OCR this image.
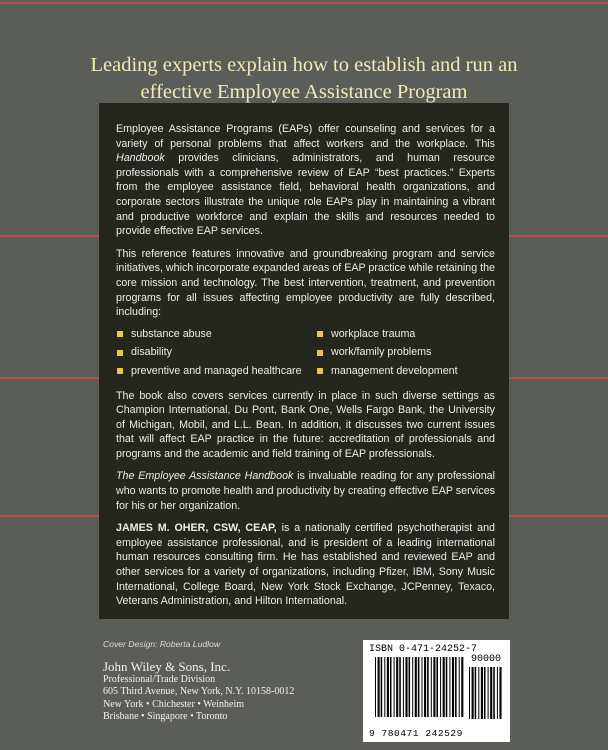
Leading experts explain how to establish and run an
effective Employee Assistance Program

Employee Assistance Programs (EAPs) offer counseling and services for a variety of personal problems that affect workers and the workplace. This Handbook provides clinicians, administrators, and human resource professionals with a comprehensive review of EAP “best practices.” Experts from the employee assistance field, behavioral health organizations, and corporate sectors illustrate the unique role EAPs play in maintaining a vibrant and productive workforce and explain the skills and resources needed to provide effective EAP services.

This reference features innovative and groundbreaking program and service initiatives, which incorporate expanded areas of EAP practice while retaining the core mission and technology. The best intervention, treatment, and prevention programs for all issues affecting employee productivity are fully described, including:

substance abuse	workplace trauma
disability	work/family problems
preventive and managed healthcare	management development

The book also covers services currently in place in such diverse settings as Champion International, Du Pont, Bank One, Wells Fargo Bank, the University of Michigan, Mobil, and L.L. Bean. In addition, it discusses two current issues that will affect EAP practice in the future: accreditation of professionals and programs and the academic and field training of EAP professionals.

The Employee Assistance Handbook is invaluable reading for any professional who wants to promote health and productivity by creating effective EAP services for his or her organization.

JAMES M. OHER, CSW, CEAP, is a nationally certified psychotherapist and employee assistance professional, and is president of a leading international human resources consulting firm. He has established and reviewed EAP and other services for a variety of organizations, including Pfizer, IBM, Sony Music International, College Board, New York Stock Exchange, JCPenney, Texaco, Veterans Administration, and Hilton International.

Cover Design: Roberta Ludlow
John Wiley & Sons, Inc.
Professional/Trade Division
605 Third Avenue, New York, N.Y. 10158-0012
New York • Chichester • Weinheim
Brisbane • Singapore • Toronto
ISBN 0-471-24252-7
90000
9 780471 242529
